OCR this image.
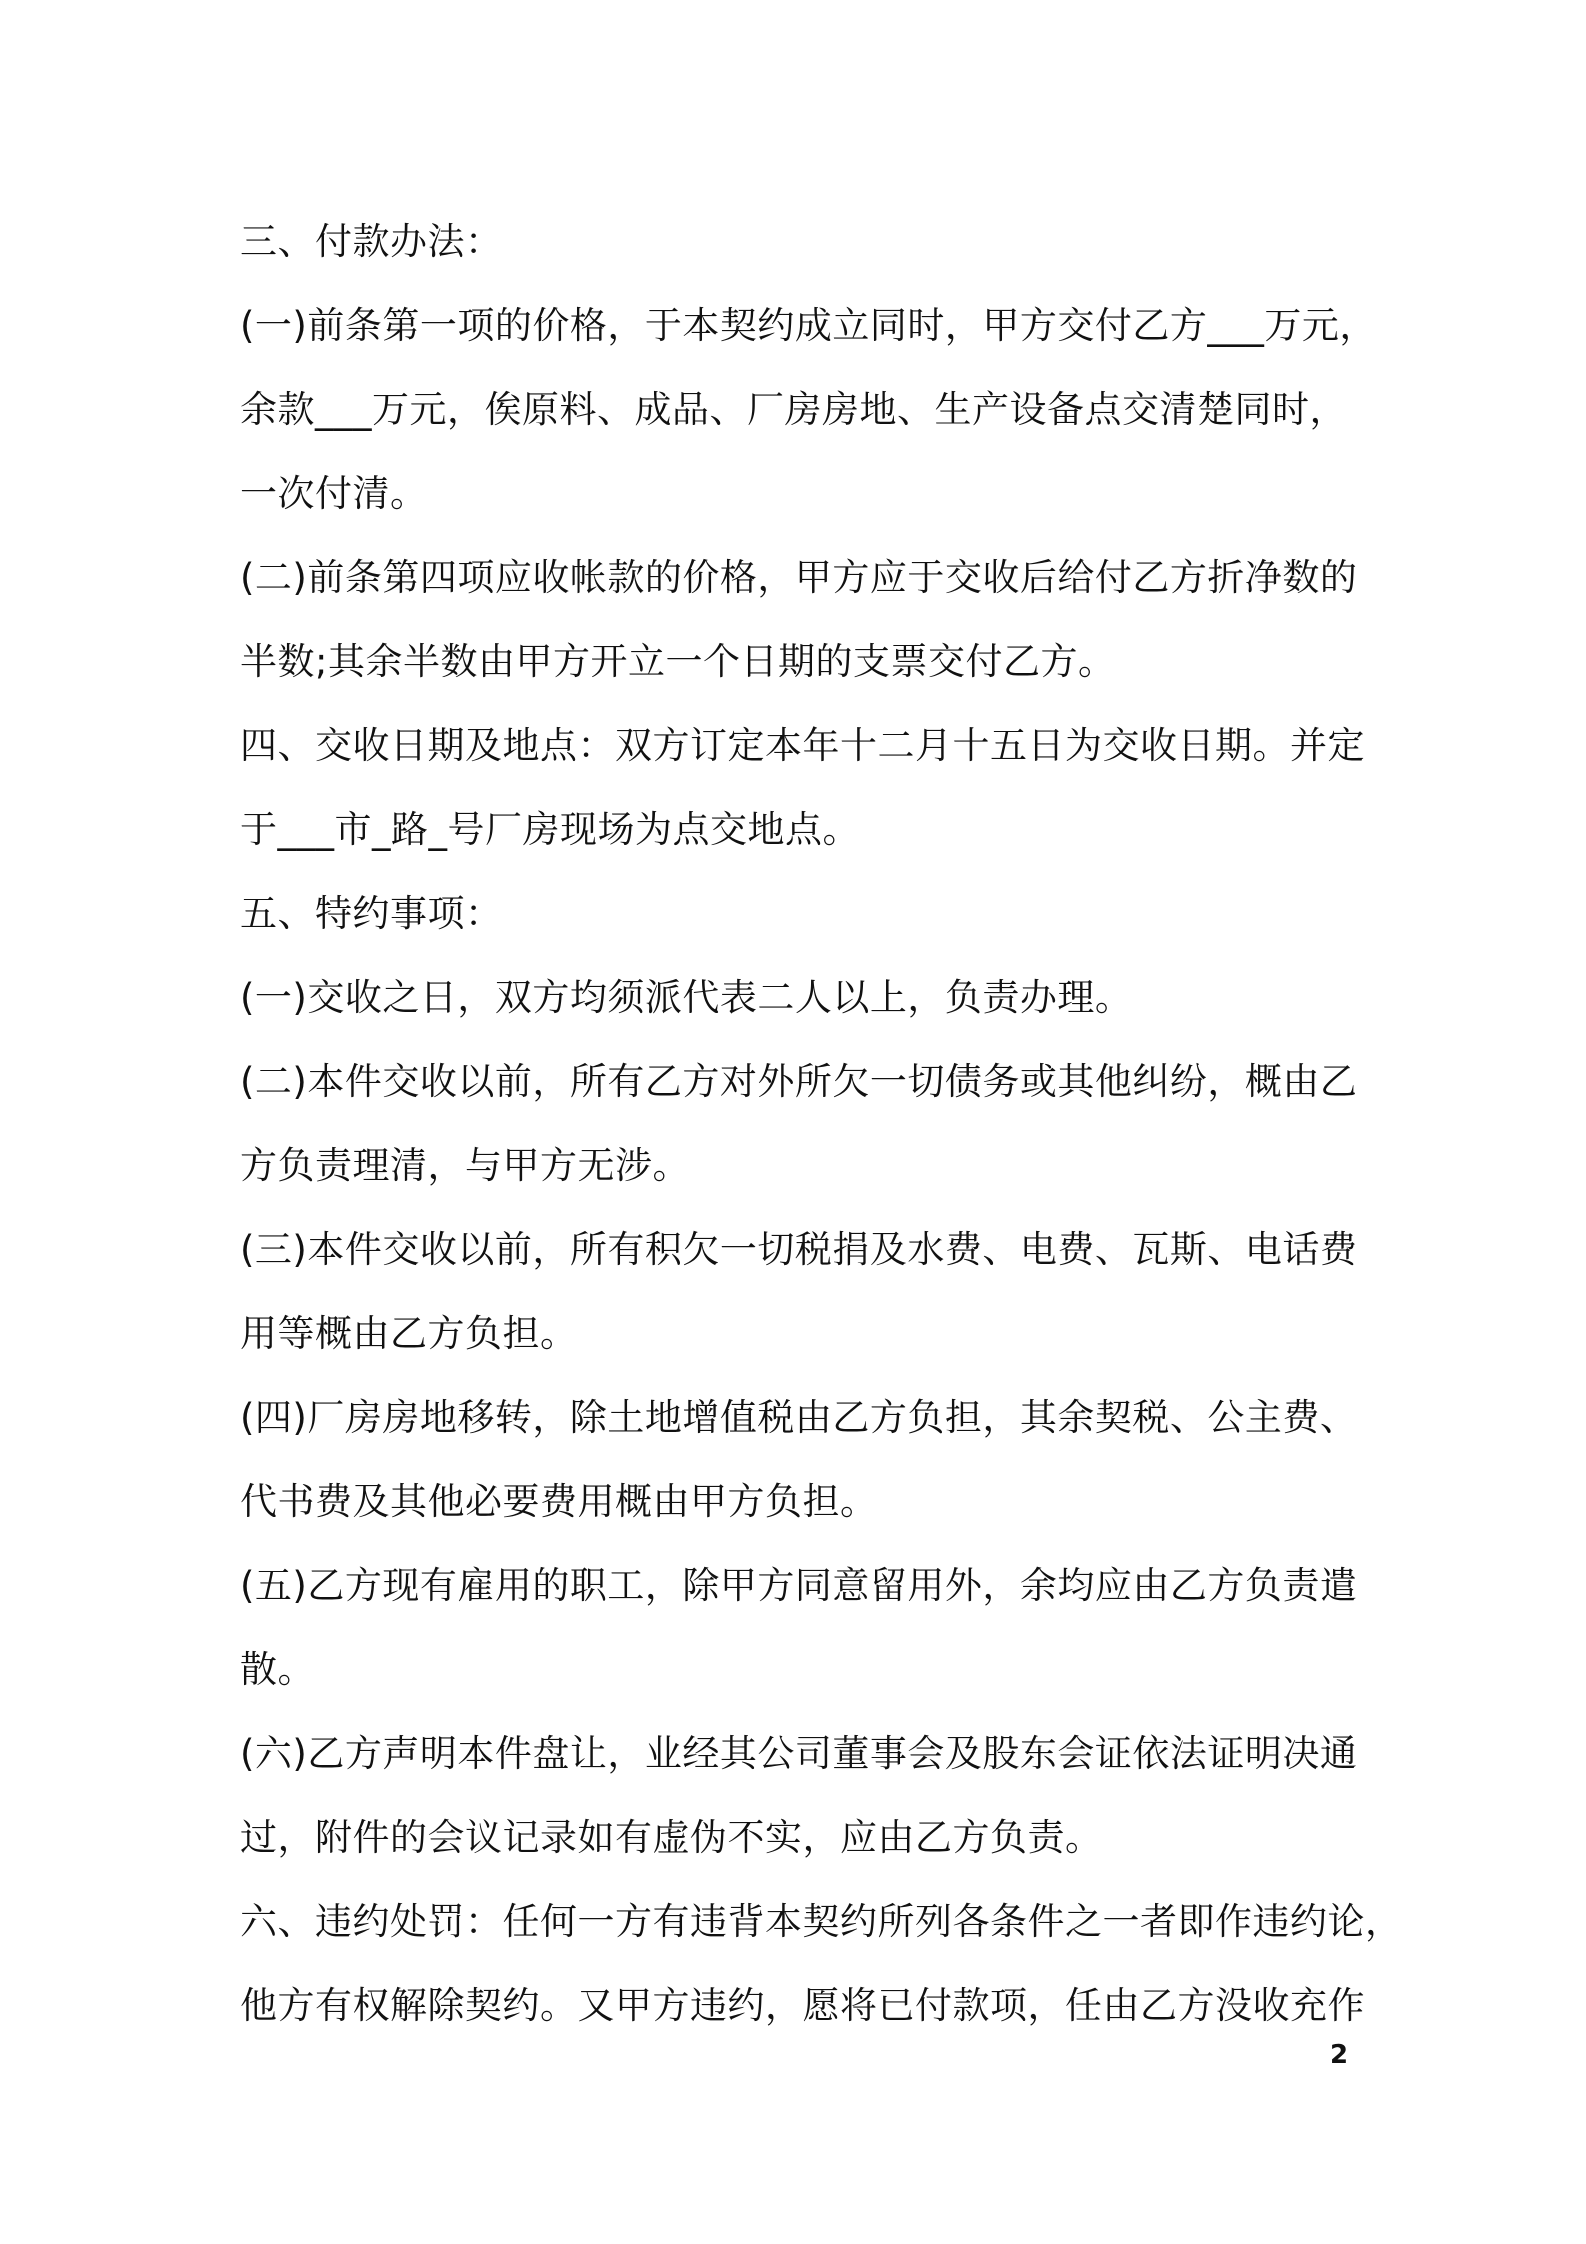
三、付款办法：
(一)前条第一项的价格，于本契约成立同时，甲方交付乙方___万元，
余款___万元，俟原料、成品、厂房房地、生产设备点交清楚同时，
一次付清。
(二)前条第四项应收帐款的价格，甲方应于交收后给付乙方折净数的
半数;其余半数由甲方开立一个日期的支票交付乙方。
四、交收日期及地点：双方订定本年十二月十五日为交收日期。并定
于___市_路_号厂房现场为点交地点。
五、特约事项：
(一)交收之日，双方均须派代表二人以上，负责办理。
(二)本件交收以前，所有乙方对外所欠一切债务或其他纠纷，概由乙
方负责理清，与甲方无涉。
(三)本件交收以前，所有积欠一切税捐及水费、电费、瓦斯、电话费
用等概由乙方负担。
(四)厂房房地移转，除土地增值税由乙方负担，其余契税、公主费、
代书费及其他必要费用概由甲方负担。
(五)乙方现有雇用的职工，除甲方同意留用外，余均应由乙方负责遣
散。
(六)乙方声明本件盘让，业经其公司董事会及股东会证依法证明决通
过，附件的会议记录如有虚伪不实，应由乙方负责。
六、违约处罚：任何一方有违背本契约所列各条件之一者即作违约论，
他方有权解除契约。又甲方违约，愿将已付款项，任由乙方没收充作
2
